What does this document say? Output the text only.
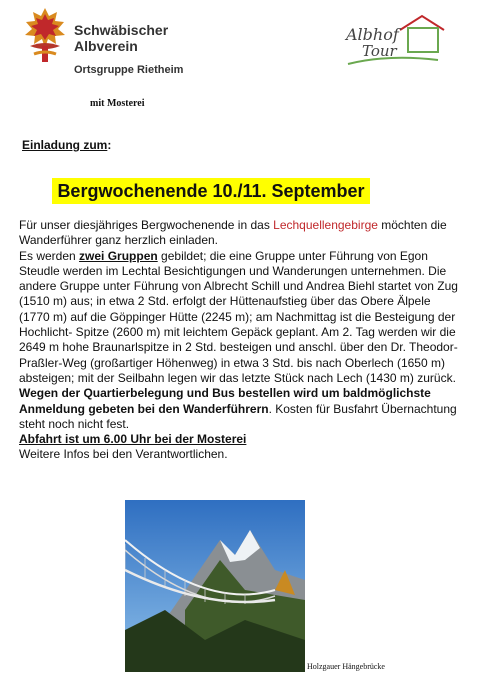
Schwäbischer
Albverein
Ortsgruppe Rietheim
Albhof
Tour
mit Mosterei
Einladung zum:
Bergwochenende 10./11. September

Für unser diesjähriges Bergwochenende in das Lechquellengebirge möchten die Wanderführer ganz herzlich einladen.

Es werden zwei Gruppen gebildet; die eine Gruppe unter Führung von Egon Steudle werden im Lechtal Besichtigungen und Wanderungen unternehmen. Die andere Gruppe unter Führung von Albrecht Schill und Andrea Biehl startet von Zug (1510 m) aus; in etwa 2 Std. erfolgt der Hüttenaufstieg über das Obere Älpele (1770 m) auf die Göppinger Hütte (2245 m); am Nachmittag ist die Besteigung der Hochlicht- Spitze (2600 m) mit leichtem Gepäck geplant. Am 2. Tag werden wir die 2649 m hohe Braunarlspitze in 2 Std. besteigen und anschl. über den Dr. Theodor-Praßler-Weg (großartiger Höhenweg) in etwa 3 Std. bis nach Oberlech (1650 m) absteigen; mit der Seilbahn legen wir das letzte Stück nach Lech (1430 m) zurück.

Wegen der Quartierbelegung und Bus bestellen wird um baldmöglichste Anmeldung gebeten bei den Wanderführern. Kosten für Busfahrt Übernachtung steht noch nicht fest.

Abfahrt ist um 6.00 Uhr bei der Mosterei

Weitere Infos bei den Verantwortlichen.

Holzgauer Hängebrücke
